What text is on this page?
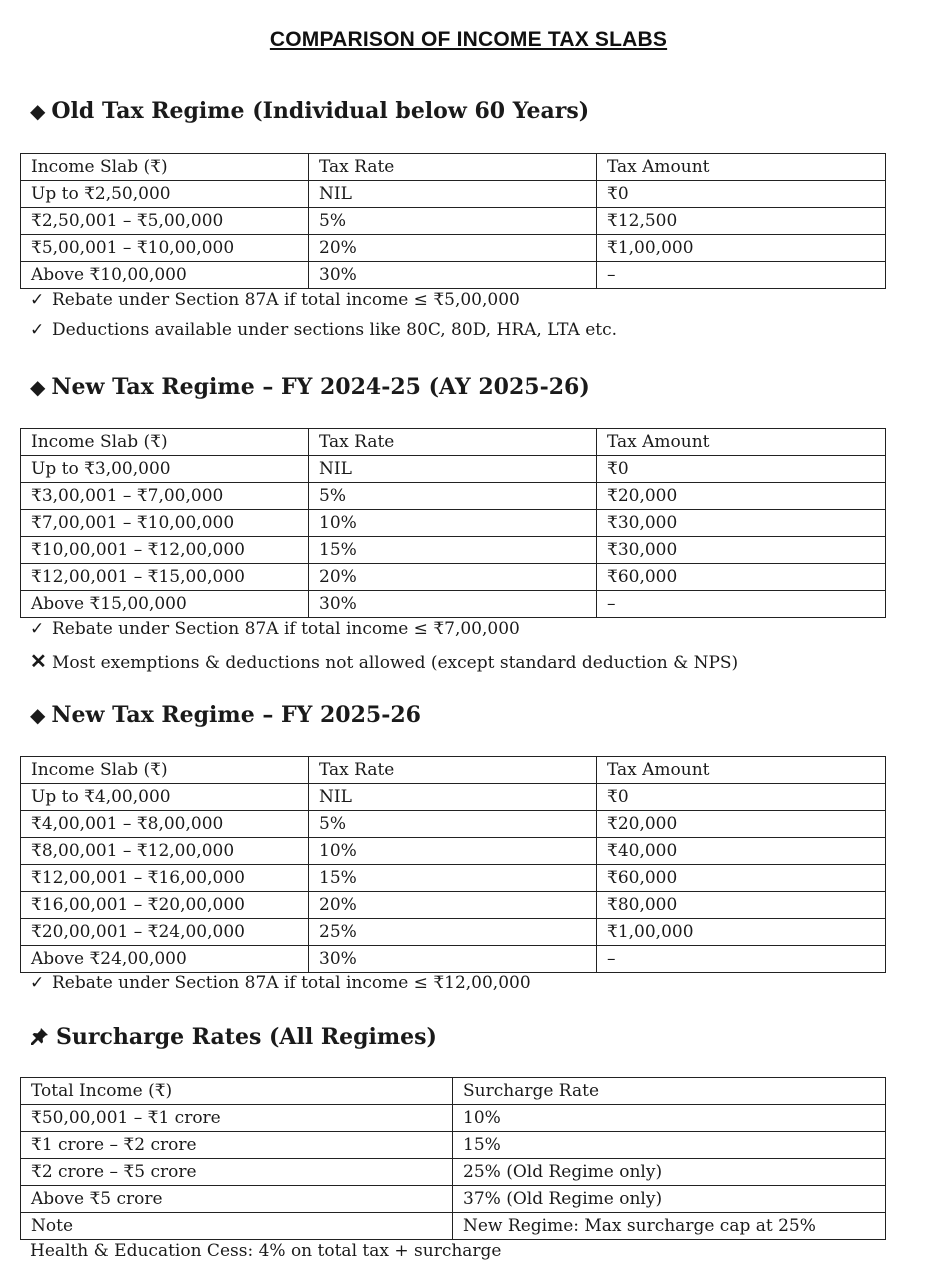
COMPARISON OF INCOME TAX SLABS
◆ Old Tax Regime (Individual below 60 Years)
Income Slab (₹)	Tax Rate	Tax Amount
Up to ₹2,50,000	NIL	₹0
₹2,50,001 – ₹5,00,000	5%	₹12,500
₹5,00,001 – ₹10,00,000	20%	₹1,00,000
Above ₹10,00,000	30%	–
✓ Rebate under Section 87A if total income ≤ ₹5,00,000
✓ Deductions available under sections like 80C, 80D, HRA, LTA etc.
◆ New Tax Regime – FY 2024-25 (AY 2025-26)
Income Slab (₹)	Tax Rate	Tax Amount
Up to ₹3,00,000	NIL	₹0
₹3,00,001 – ₹7,00,000	5%	₹20,000
₹7,00,001 – ₹10,00,000	10%	₹30,000
₹10,00,001 – ₹12,00,000	15%	₹30,000
₹12,00,001 – ₹15,00,000	20%	₹60,000
Above ₹15,00,000	30%	–
✓ Rebate under Section 87A if total income ≤ ₹7,00,000
✕ Most exemptions & deductions not allowed (except standard deduction & NPS)
◆ New Tax Regime – FY 2025-26
Income Slab (₹)	Tax Rate	Tax Amount
Up to ₹4,00,000	NIL	₹0
₹4,00,001 – ₹8,00,000	5%	₹20,000
₹8,00,001 – ₹12,00,000	10%	₹40,000
₹12,00,001 – ₹16,00,000	15%	₹60,000
₹16,00,001 – ₹20,00,000	20%	₹80,000
₹20,00,001 – ₹24,00,000	25%	₹1,00,000
Above ₹24,00,000	30%	–
✓ Rebate under Section 87A if total income ≤ ₹12,00,000
Surcharge Rates (All Regimes)
Total Income (₹)	Surcharge Rate
₹50,00,001 – ₹1 crore	10%
₹1 crore – ₹2 crore	15%
₹2 crore – ₹5 crore	25% (Old Regime only)
Above ₹5 crore	37% (Old Regime only)
Note	New Regime: Max surcharge cap at 25%
Health & Education Cess: 4% on total tax + surcharge
